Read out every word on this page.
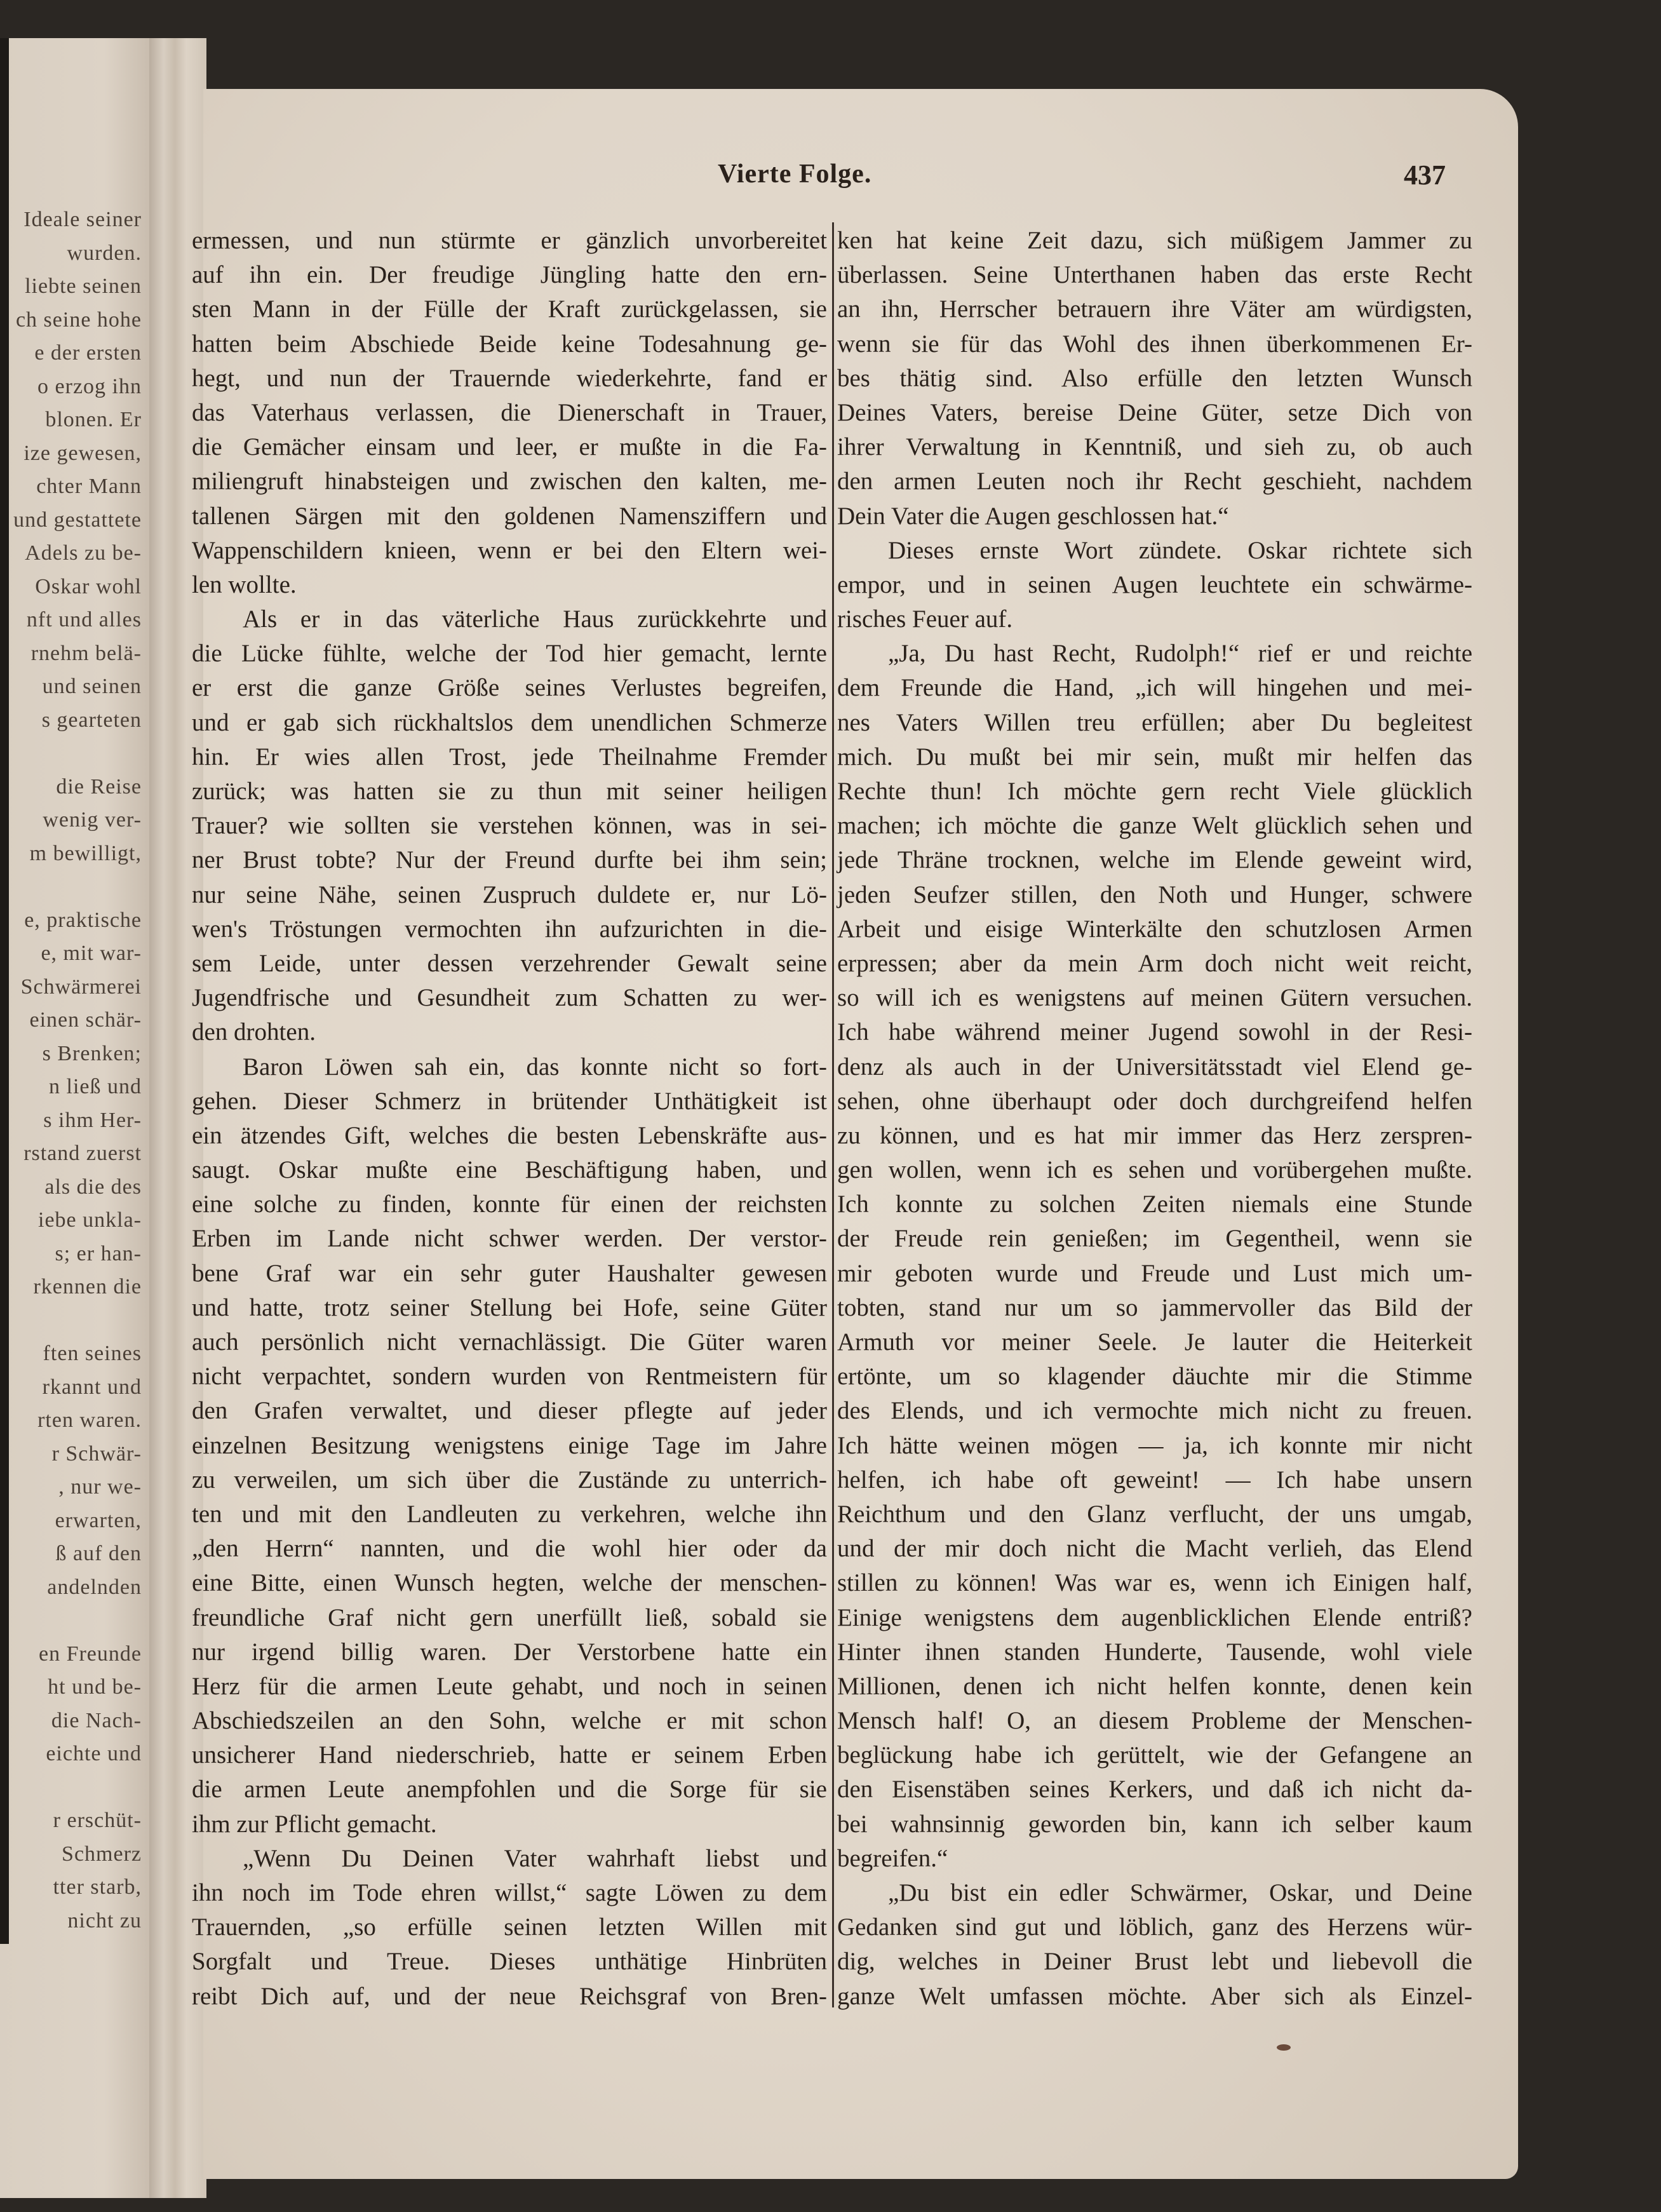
Ideale seiner
wurden.
liebte seinen
ch seine hohe
e der ersten
o erzog ihn
blonen. Er
ize gewesen,
chter Mann
und gestattete
Adels zu be-
Oskar wohl
nft und alles
rnehm belä-
und seinen
s gearteten
die Reise
wenig ver-
m bewilligt,
e, praktische
e, mit war-
Schwärmerei
einen schär-
s Brenken;
n ließ und
s ihm Her-
rstand zuerst
als die des
iebe unkla-
s; er han-
rkennen die
ften seines
rkannt und
rten waren.
r Schwär-
, nur we-
erwarten,
ß auf den
andelnden
en Freunde
ht und be-
die Nach-
eichte und
r erschüt-
Schmerz
tter starb,
nicht zu
Vierte Folge.	437
ermessen, und nun stürmte er gänzlich unvorbereitet
auf ihn ein. Der freudige Jüngling hatte den ern-
sten Mann in der Fülle der Kraft zurückgelassen, sie
hatten beim Abschiede Beide keine Todesahnung ge-
hegt, und nun der Trauernde wiederkehrte, fand er
das Vaterhaus verlassen, die Dienerschaft in Trauer,
die Gemächer einsam und leer, er mußte in die Fa-
miliengruft hinabsteigen und zwischen den kalten, me-
tallenen Särgen mit den goldenen Namensziffern und
Wappenschildern knieen, wenn er bei den Eltern wei-
len wollte.
Als er in das väterliche Haus zurückkehrte und
die Lücke fühlte, welche der Tod hier gemacht, lernte
er erst die ganze Größe seines Verlustes begreifen,
und er gab sich rückhaltslos dem unendlichen Schmerze
hin. Er wies allen Trost, jede Theilnahme Fremder
zurück; was hatten sie zu thun mit seiner heiligen
Trauer? wie sollten sie verstehen können, was in sei-
ner Brust tobte? Nur der Freund durfte bei ihm sein;
nur seine Nähe, seinen Zuspruch duldete er, nur Lö-
wen's Tröstungen vermochten ihn aufzurichten in die-
sem Leide, unter dessen verzehrender Gewalt seine
Jugendfrische und Gesundheit zum Schatten zu wer-
den drohten.
Baron Löwen sah ein, das konnte nicht so fort-
gehen. Dieser Schmerz in brütender Unthätigkeit ist
ein ätzendes Gift, welches die besten Lebenskräfte aus-
saugt. Oskar mußte eine Beschäftigung haben, und
eine solche zu finden, konnte für einen der reichsten
Erben im Lande nicht schwer werden. Der verstor-
bene Graf war ein sehr guter Haushalter gewesen
und hatte, trotz seiner Stellung bei Hofe, seine Güter
auch persönlich nicht vernachlässigt. Die Güter waren
nicht verpachtet, sondern wurden von Rentmeistern für
den Grafen verwaltet, und dieser pflegte auf jeder
einzelnen Besitzung wenigstens einige Tage im Jahre
zu verweilen, um sich über die Zustände zu unterrich-
ten und mit den Landleuten zu verkehren, welche ihn
„den Herrn“ nannten, und die wohl hier oder da
eine Bitte, einen Wunsch hegten, welche der menschen-
freundliche Graf nicht gern unerfüllt ließ, sobald sie
nur irgend billig waren. Der Verstorbene hatte ein
Herz für die armen Leute gehabt, und noch in seinen
Abschiedszeilen an den Sohn, welche er mit schon
unsicherer Hand niederschrieb, hatte er seinem Erben
die armen Leute anempfohlen und die Sorge für sie
ihm zur Pflicht gemacht.
„Wenn Du Deinen Vater wahrhaft liebst und
ihn noch im Tode ehren willst,“ sagte Löwen zu dem
Trauernden, „so erfülle seinen letzten Willen mit
Sorgfalt und Treue. Dieses unthätige Hinbrüten
reibt Dich auf, und der neue Reichsgraf von Bren-
ken hat keine Zeit dazu, sich müßigem Jammer zu
überlassen. Seine Unterthanen haben das erste Recht
an ihn, Herrscher betrauern ihre Väter am würdigsten,
wenn sie für das Wohl des ihnen überkommenen Er-
bes thätig sind. Also erfülle den letzten Wunsch
Deines Vaters, bereise Deine Güter, setze Dich von
ihrer Verwaltung in Kenntniß, und sieh zu, ob auch
den armen Leuten noch ihr Recht geschieht, nachdem
Dein Vater die Augen geschlossen hat.“
Dieses ernste Wort zündete. Oskar richtete sich
empor, und in seinen Augen leuchtete ein schwärme-
risches Feuer auf.
„Ja, Du hast Recht, Rudolph!“ rief er und reichte
dem Freunde die Hand, „ich will hingehen und mei-
nes Vaters Willen treu erfüllen; aber Du begleitest
mich. Du mußt bei mir sein, mußt mir helfen das
Rechte thun! Ich möchte gern recht Viele glücklich
machen; ich möchte die ganze Welt glücklich sehen und
jede Thräne trocknen, welche im Elende geweint wird,
jeden Seufzer stillen, den Noth und Hunger, schwere
Arbeit und eisige Winterkälte den schutzlosen Armen
erpressen; aber da mein Arm doch nicht weit reicht,
so will ich es wenigstens auf meinen Gütern versuchen.
Ich habe während meiner Jugend sowohl in der Resi-
denz als auch in der Universitätsstadt viel Elend ge-
sehen, ohne überhaupt oder doch durchgreifend helfen
zu können, und es hat mir immer das Herz zerspren-
gen wollen, wenn ich es sehen und vorübergehen mußte.
Ich konnte zu solchen Zeiten niemals eine Stunde
der Freude rein genießen; im Gegentheil, wenn sie
mir geboten wurde und Freude und Lust mich um-
tobten, stand nur um so jammervoller das Bild der
Armuth vor meiner Seele. Je lauter die Heiterkeit
ertönte, um so klagender däuchte mir die Stimme
des Elends, und ich vermochte mich nicht zu freuen.
Ich hätte weinen mögen — ja, ich konnte mir nicht
helfen, ich habe oft geweint! — Ich habe unsern
Reichthum und den Glanz verflucht, der uns umgab,
und der mir doch nicht die Macht verlieh, das Elend
stillen zu können! Was war es, wenn ich Einigen half,
Einige wenigstens dem augenblicklichen Elende entriß?
Hinter ihnen standen Hunderte, Tausende, wohl viele
Millionen, denen ich nicht helfen konnte, denen kein
Mensch half! O, an diesem Probleme der Menschen-
beglückung habe ich gerüttelt, wie der Gefangene an
den Eisenstäben seines Kerkers, und daß ich nicht da-
bei wahnsinnig geworden bin, kann ich selber kaum
begreifen.“
„Du bist ein edler Schwärmer, Oskar, und Deine
Gedanken sind gut und löblich, ganz des Herzens wür-
dig, welches in Deiner Brust lebt und liebevoll die
ganze Welt umfassen möchte. Aber sich als Einzel-
